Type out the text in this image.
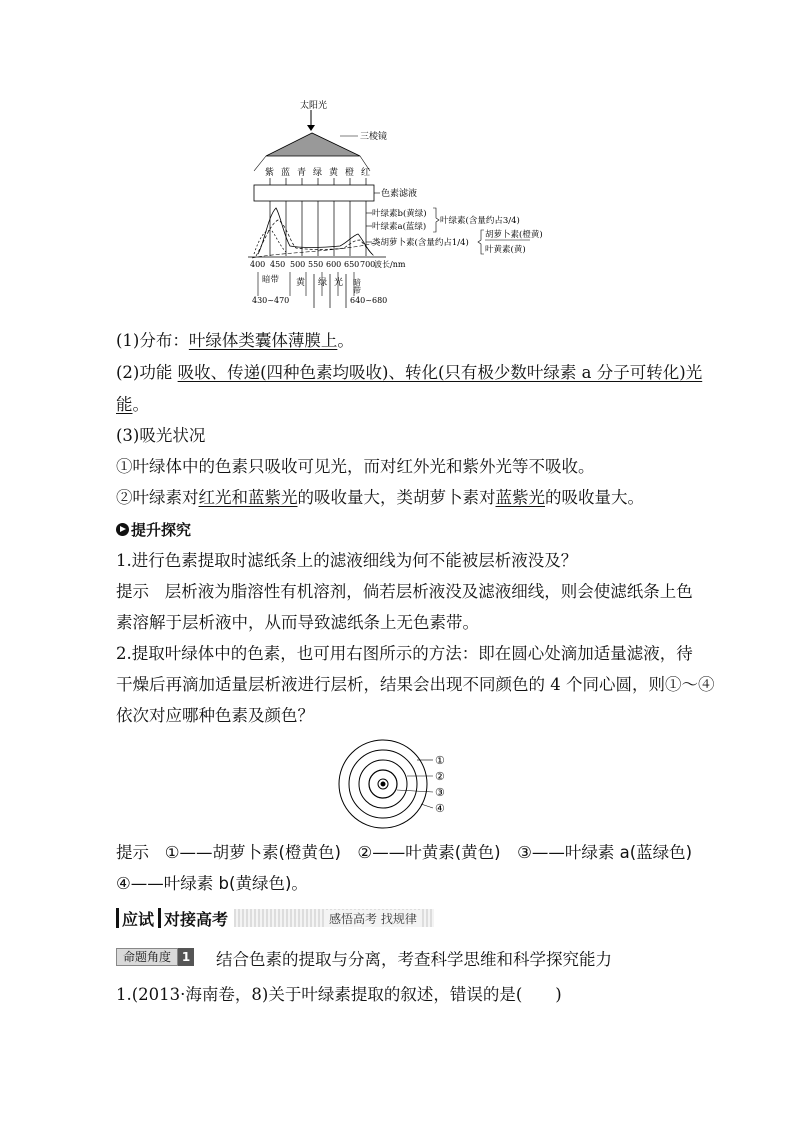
太阳光
三棱镜
紫 蓝 青 绿 黄 橙 红
色素滤液
叶绿素b(黄绿)
叶绿素a(蓝绿)
叶绿素(含量约占3/4)
类胡萝卜素(含量约占1/4)
胡萝卜素(橙黄)
叶黄素(黄)
400 450 500 550 600 650 700
波长/nm
暗带
430~470
黄 绿 光 暗带
640~680
(1)分布：叶绿体类囊体薄膜上。
(2)功能 吸收、传递(四种色素均吸收)、转化(只有极少数叶绿素 a 分子可转化)光
能。
(3)吸光状况
①叶绿体中的色素只吸收可见光，而对红外光和紫外光等不吸收。
②叶绿素对红光和蓝紫光的吸收量大，类胡萝卜素对蓝紫光的吸收量大。
提升探究
1.进行色素提取时滤纸条上的滤液细线为何不能被层析液没及？
提示 层析液为脂溶性有机溶剂，倘若层析液没及滤液细线，则会使滤纸条上色
素溶解于层析液中，从而导致滤纸条上无色素带。
2.提取叶绿体中的色素，也可用右图所示的方法：即在圆心处滴加适量滤液，待
干燥后再滴加适量层析液进行层析，结果会出现不同颜色的 4 个同心圆，则①～④
依次对应哪种色素及颜色？
①
②
③
④
提示 ①——胡萝卜素(橙黄色)　②——叶黄素(黄色)　③——叶绿素 a(蓝绿色)
④——叶绿素 b(黄绿色)。
应试 对接高考	感悟高考 找规律
命题角度 1 结合色素的提取与分离，考查科学思维和科学探究能力
1.(2013·海南卷，8)关于叶绿素提取的叙述，错误的是(　　)
